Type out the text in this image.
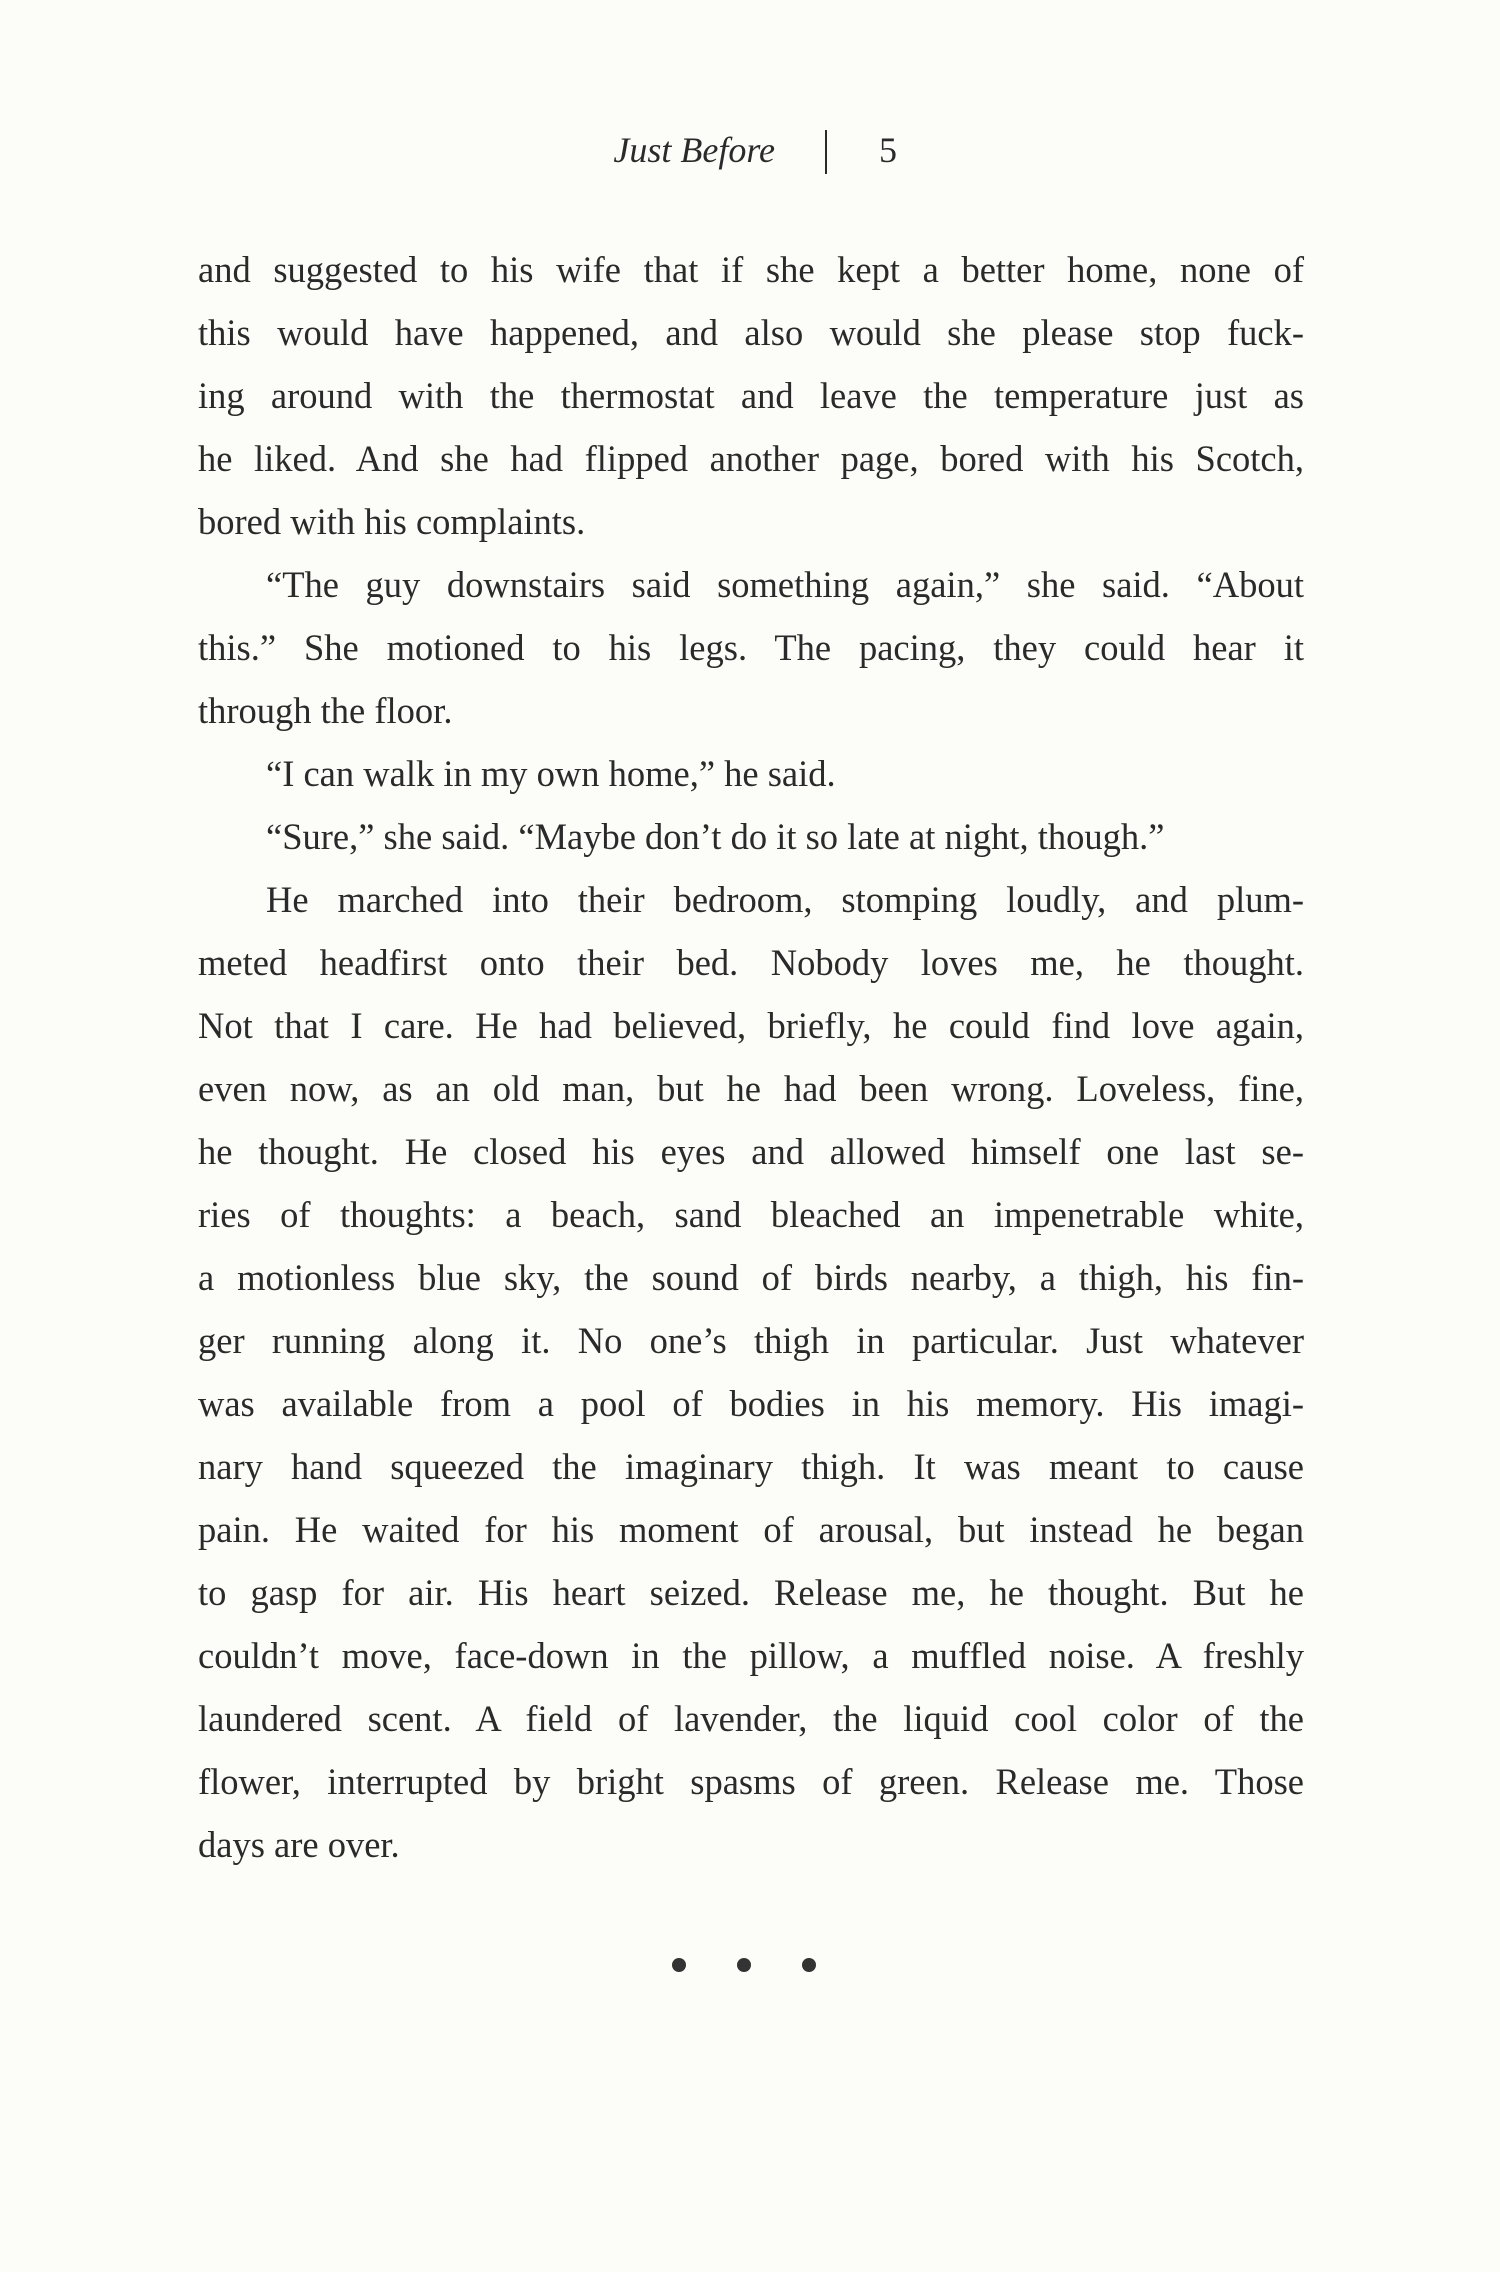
Just Before	5
and suggested to his wife that if she kept a better home, none of
this would have happened, and also would she please stop fuck-
ing around with the thermostat and leave the temperature just as
he liked. And she had flipped another page, bored with his Scotch,
bored with his complaints.
“The guy downstairs said something again,” she said. “About
this.” She motioned to his legs. The pacing, they could hear it
through the floor.
“I can walk in my own home,” he said.
“Sure,” she said. “Maybe don’t do it so late at night, though.”
He marched into their bedroom, stomping loudly, and plum-
meted headfirst onto their bed. Nobody loves me, he thought.
Not that I care. He had believed, briefly, he could find love again,
even now, as an old man, but he had been wrong. Loveless, fine,
he thought. He closed his eyes and allowed himself one last se-
ries of thoughts: a beach, sand bleached an impenetrable white,
a motionless blue sky, the sound of birds nearby, a thigh, his fin-
ger running along it. No one’s thigh in particular. Just whatever
was available from a pool of bodies in his memory. His imagi-
nary hand squeezed the imaginary thigh. It was meant to cause
pain. He waited for his moment of arousal, but instead he began
to gasp for air. His heart seized. Release me, he thought. But he
couldn’t move, face-down in the pillow, a muffled noise. A freshly
laundered scent. A field of lavender, the liquid cool color of the
flower, interrupted by bright spasms of green. Release me. Those
days are over.
